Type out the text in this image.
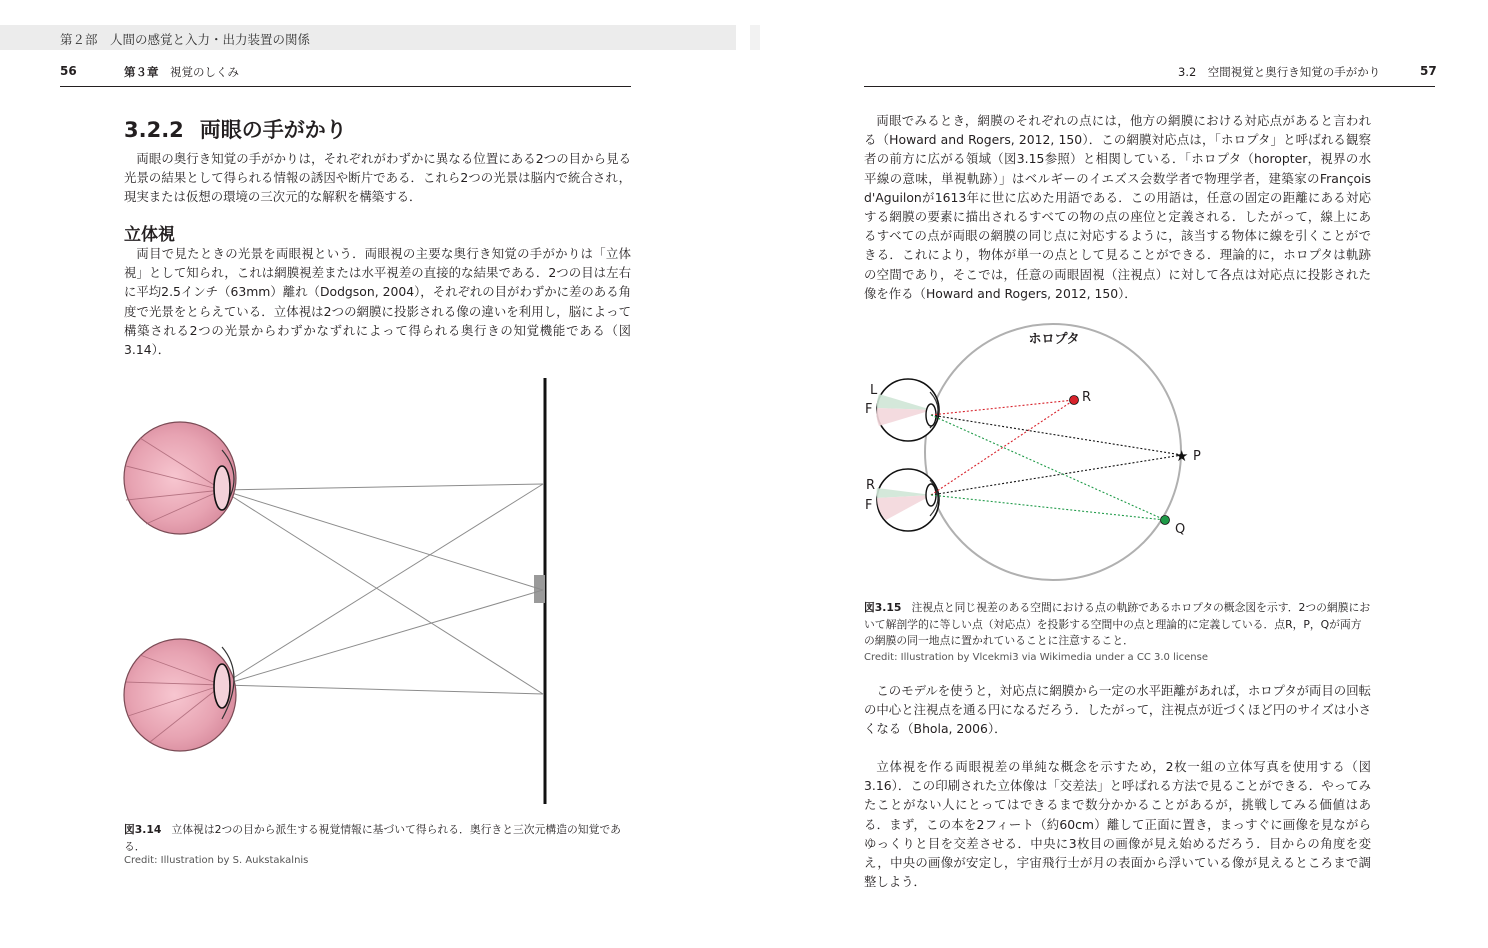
第２部　人間の感覚と入力・出力装置の関係
56	第３章　 視覚のしくみ
3.2.2 両眼の手がかり

両眼の奥行き知覚の手がかりは，それぞれがわずかに異なる位置にある2つの目から見る光景の結果として得られる情報の誘因や断片である．これら2つの光景は脳内で統合され，現実または仮想の環境の三次元的な解釈を構築する．

立体視

両目で見たときの光景を両眼視という．両眼視の主要な奥行き知覚の手がかりは「立体視」として知られ，これは網膜視差または水平視差の直接的な結果である．2つの目は左右に平均2.5インチ（63mm）離れ（Dodgson, 2004），それぞれの目がわずかに差のある角度で光景をとらえている．立体視は2つの網膜に投影される像の違いを利用し，脳によって構築される2つの光景からわずかなずれによって得られる奥行きの知覚機能である（図3.14）．

図3.14 立体視は2つの目から派生する視覚情報に基づいて得られる．奥行きと三次元構造の知覚である．
Credit: Illustration by S. Aukstakalnis
3.2　 空間視覚と奥行き知覚の手がかり	57

両眼でみるとき，網膜のそれぞれの点には，他方の網膜における対応点があると言われる（Howard and Rogers, 2012, 150）．この網膜対応点は，「ホロプタ」と呼ばれる観察者の前方に広がる領域（図3.15参照）と相関している．「ホロプタ（horopter，視界の水平線の意味，単視軌跡）」はベルギーのイエズス会数学者で物理学者，建築家のFrançois d'Aguilonが1613年に世に広めた用語である．この用語は，任意の固定の距離にある対応する網膜の要素に描出されるすべての物の点の座位と定義される．したがって，線上にあるすべての点が両眼の網膜の同じ点に対応するように，該当する物体に線を引くことができる．これにより，物体が単一の点として見ることができる．理論的に，ホロプタは軌跡の空間であり，そこでは，任意の両眼固視（注視点）に対して各点は対応点に投影された像を作る（Howard and Rogers, 2012, 150）．

ホロプタ
★
L
F
R
F
R
P
Q
図3.15 注視点と同じ視差のある空間における点の軌跡であるホロプタの概念図を示す．2つの網膜において解剖学的に等しい点（対応点）を投影する空間中の点と理論的に定義している．点R，P，Qが両方の網膜の同一地点に置かれていることに注意すること．
Credit: Illustration by Vlcekmi3 via Wikimedia under a CC 3.0 license

このモデルを使うと，対応点に網膜から一定の水平距離があれば，ホロプタが両目の回転の中心と注視点を通る円になるだろう．したがって，注視点が近づくほど円のサイズは小さくなる（Bhola, 2006）．

立体視を作る両眼視差の単純な概念を示すため，2枚一組の立体写真を使用する（図3.16）．この印刷された立体像は「交差法」と呼ばれる方法で見ることができる．やってみたことがない人にとってはできるまで数分かかることがあるが，挑戦してみる価値はある．まず，この本を2フィート（約60cm）離して正面に置き，まっすぐに画像を見ながらゆっくりと目を交差させる．中央に3枚目の画像が見え始めるだろう．目からの角度を変え，中央の画像が安定し，宇宙飛行士が月の表面から浮いている像が見えるところまで調整しよう．
